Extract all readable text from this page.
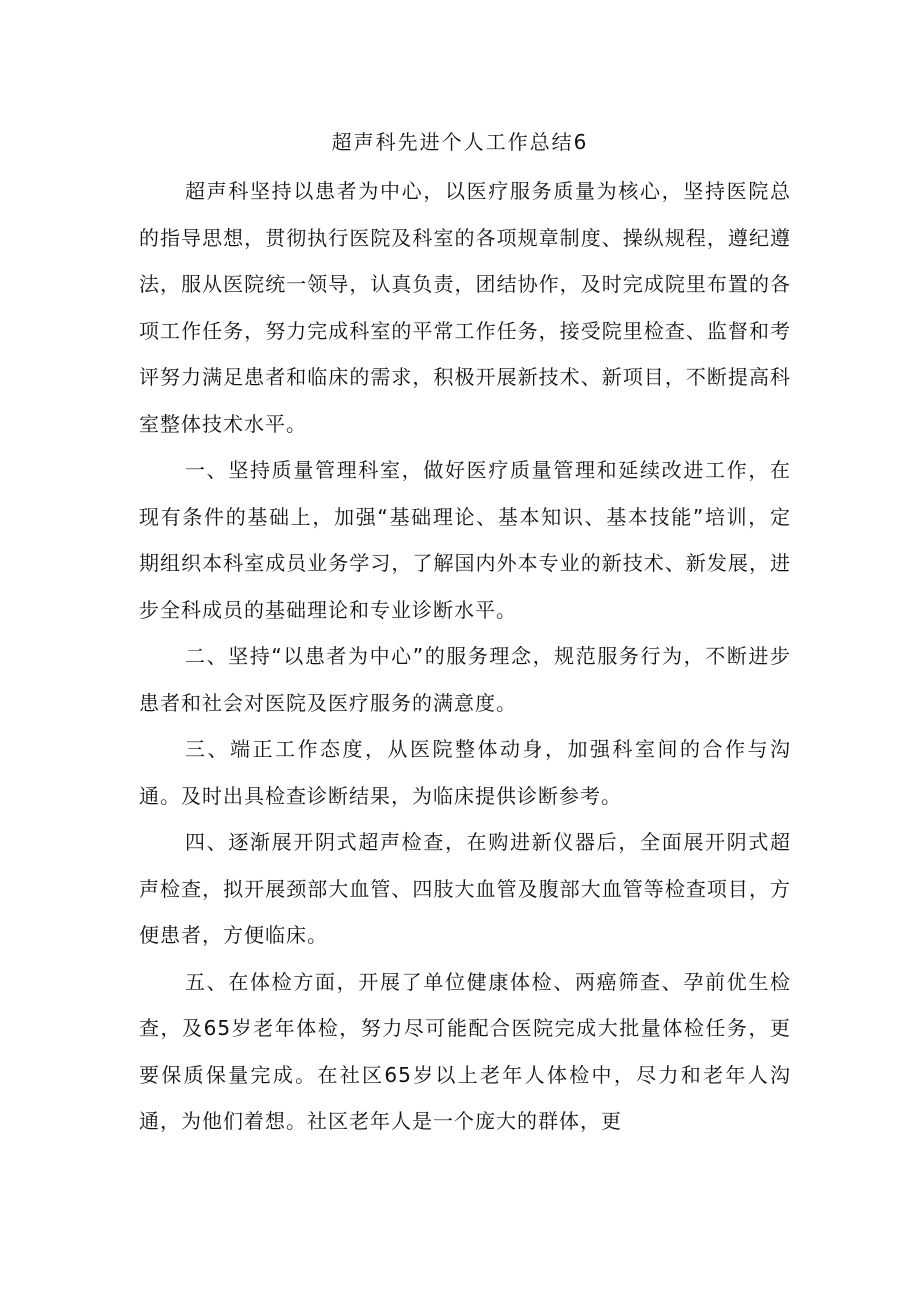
超声科先进个人工作总结6

超声科坚持以患者为中心，以医疗服务质量为核心，坚持医院总的指导思想，贯彻执行医院及科室的各项规章制度、操纵规程，遵纪遵法，服从医院统一领导，认真负责，团结协作，及时完成院里布置的各项工作任务，努力完成科室的平常工作任务，接受院里检查、监督和考评努力满足患者和临床的需求，积极开展新技术、新项目，不断提高科室整体技术水平。

一、坚持质量管理科室，做好医疗质量管理和延续改进工作，在现有条件的基础上，加强“基础理论、基本知识、基本技能”培训，定期组织本科室成员业务学习，了解国内外本专业的新技术、新发展，进步全科成员的基础理论和专业诊断水平。

二、坚持“以患者为中心”的服务理念，规范服务行为，不断进步患者和社会对医院及医疗服务的满意度。

三、端正工作态度，从医院整体动身，加强科室间的合作与沟通。及时出具检查诊断结果，为临床提供诊断参考。

四、逐渐展开阴式超声检查，在购进新仪器后，全面展开阴式超声检查，拟开展颈部大血管、四肢大血管及腹部大血管等检查项目，方便患者，方便临床。

五、在体检方面，开展了单位健康体检、两癌筛查、孕前优生检查，及65岁老年体检，努力尽可能配合医院完成大批量体检任务，更要保质保量完成。在社区65岁以上老年人体检中，尽力和老年人沟通，为他们着想。社区老年人是一个庞大的群体，更
